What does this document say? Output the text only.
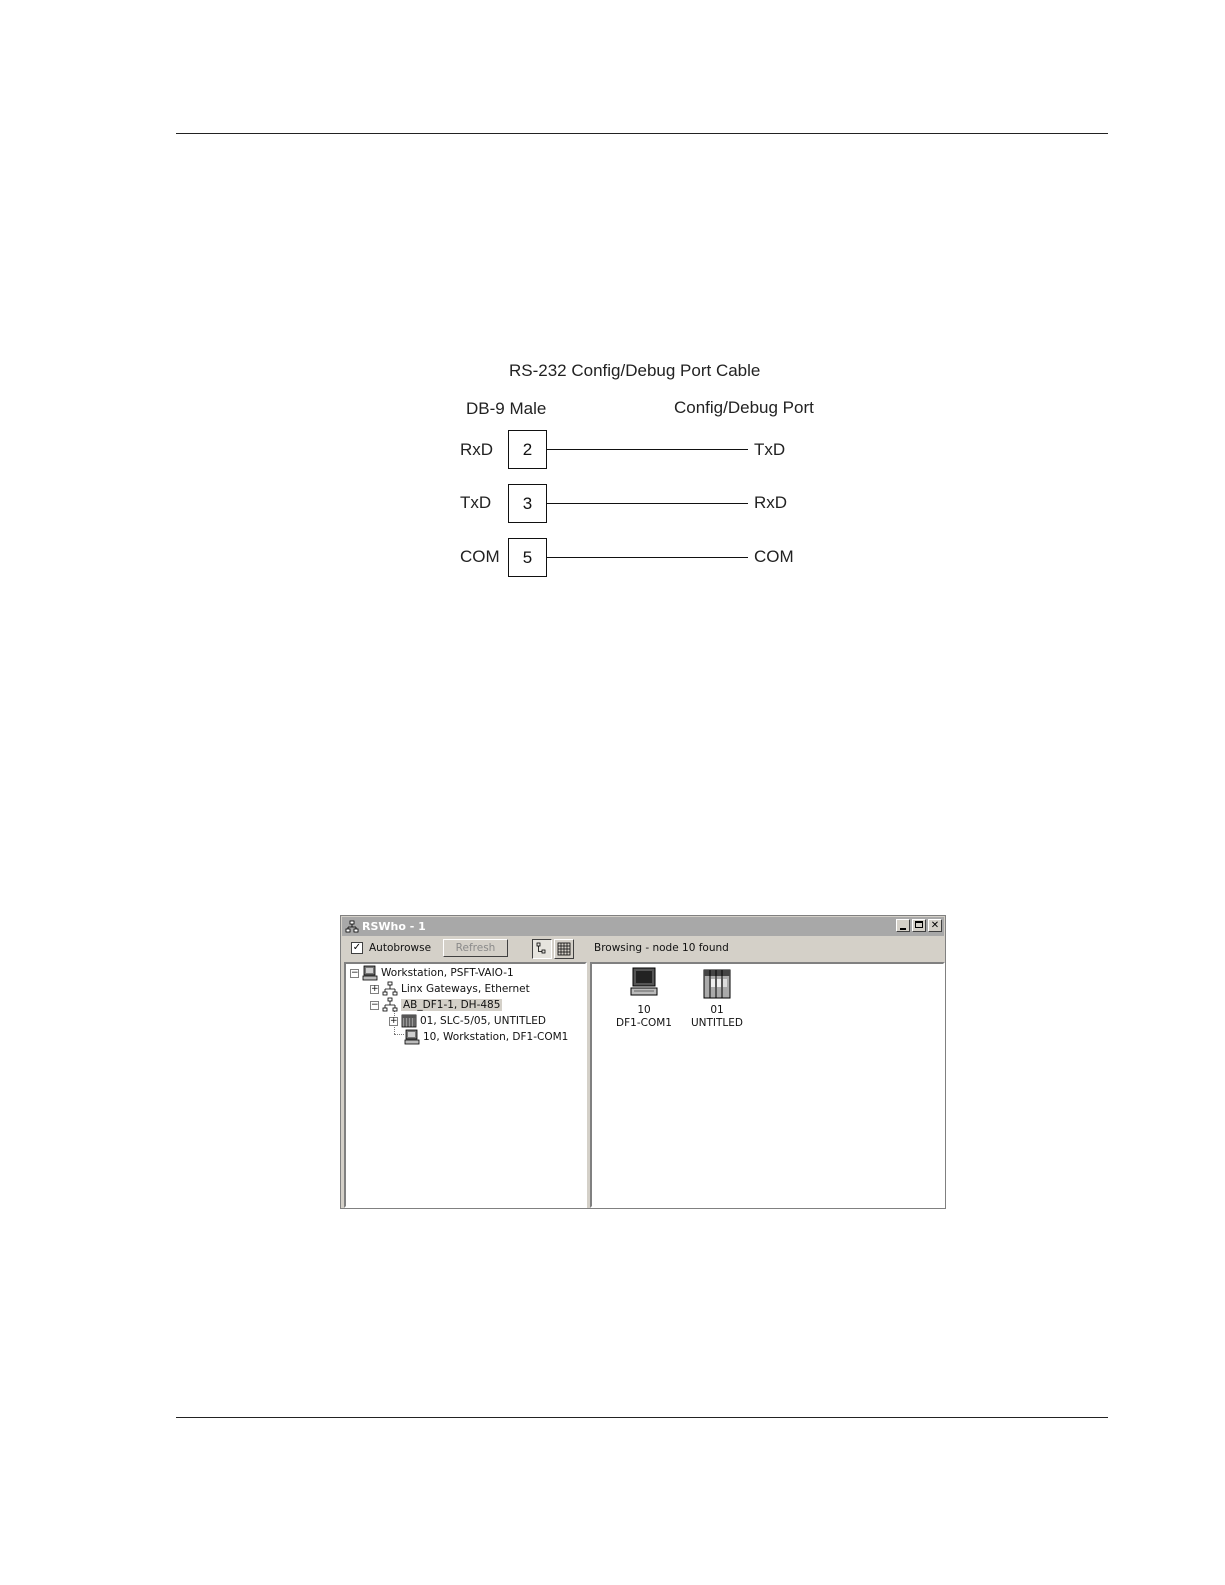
RS-232 Config/Debug Port Cable
DB-9 Male	Config/Debug Port
RxD 2	TxD
TxD 3	RxD
COM 5	COM
RSWho - 1	✕
✓ Autobrowse	Refresh	Browsing - node 10 found
− Workstation, PSFT-VAIO-1
+ Linx Gateways, Ethernet
− AB_DF1-1, DH-485
+ 01, SLC-5/05, UNTITLED
10, Workstation, DF1-COM1
10
DF1-COM1
01
UNTITLED
